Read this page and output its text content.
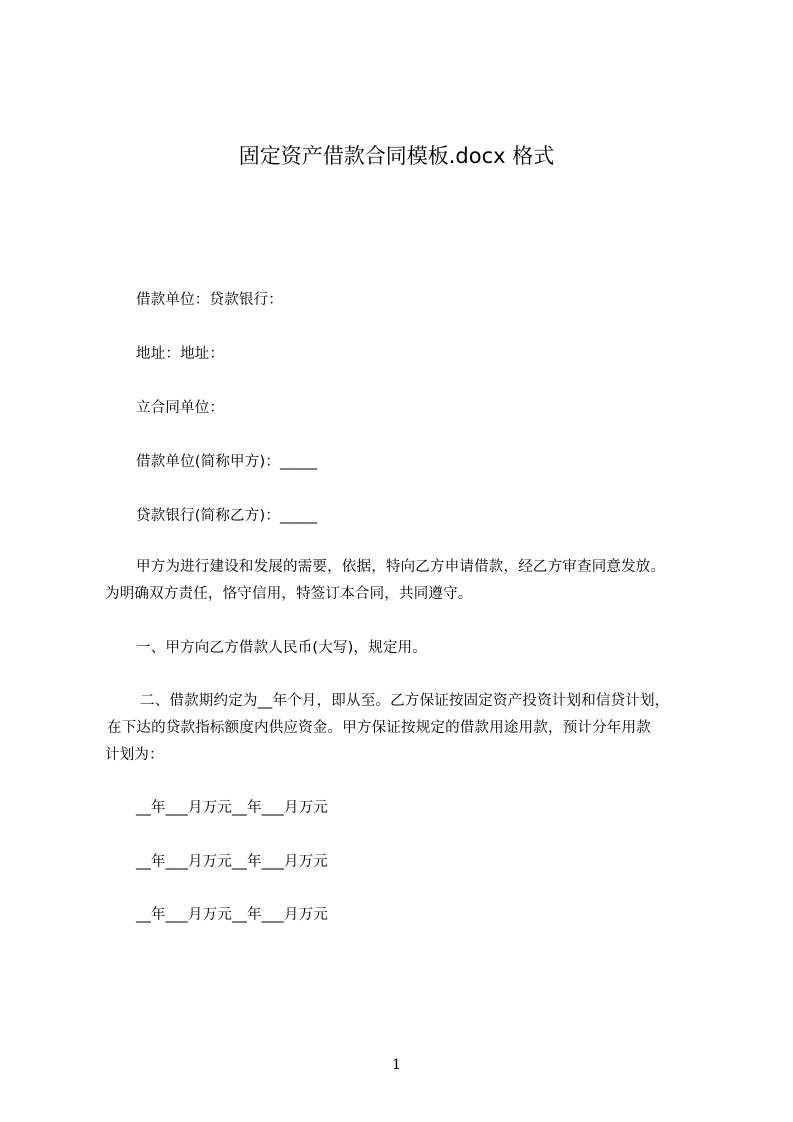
固定资产借款合同模板.docx 格式
借款单位：贷款银行：
地址：地址：
立合同单位：
借款单位(简称甲方)：_____
贷款银行(简称乙方)：_____
甲方为进行建设和发展的需要，依据，特向乙方申请借款，经乙方审查同意发放。
为明确双方责任，恪守信用，特签订本合同，共同遵守。
一、甲方向乙方借款人民币(大写)，规定用。
二、借款期约定为__年个月，即从至。乙方保证按固定资产投资计划和信贷计划，
在下达的贷款指标额度内供应资金。甲方保证按规定的借款用途用款，预计分年用款
计划为：
__年___月万元__年___月万元
__年___月万元__年___月万元
__年___月万元__年___月万元
1
